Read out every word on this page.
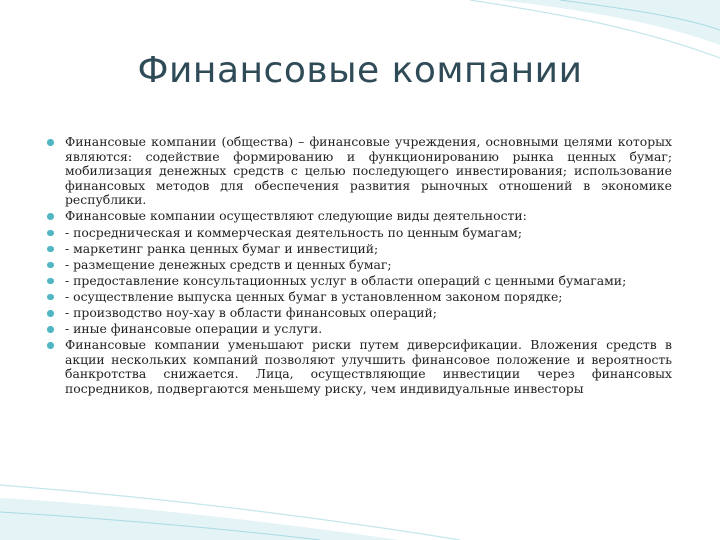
Финансовые компании
Финансовые компании (общества) – финансовые учреждения, основными целями которых являются: содействие формированию и функционированию рынка ценных бумаг; мобилизация денежных средств с целью последующего инвестирования; использование финансовых методов для обеспечения развития рыночных отношений в экономике республики.
Финансовые компании осуществляют следующие виды деятельности:
- посредническая и коммерческая деятельность по ценным бумагам;
- маркетинг ранка ценных бумаг и инвестиций;
- размещение денежных средств и ценных бумаг;
- предоставление консультационных услуг в области операций с ценными бумагами;
- осуществление выпуска ценных бумаг в установленном законом порядке;
- производство ноу-хау в области финансовых операций;
- иные финансовые операции и услуги.
Финансовые компании уменьшают риски путем диверсификации. Вложения средств в акции нескольких компаний позволяют улучшить финансовое положение и вероятность банкротства снижается. Лица, осуществляющие инвестиции через финансовых посредников, подвергаются меньшему риску, чем индивидуальные инвесторы
